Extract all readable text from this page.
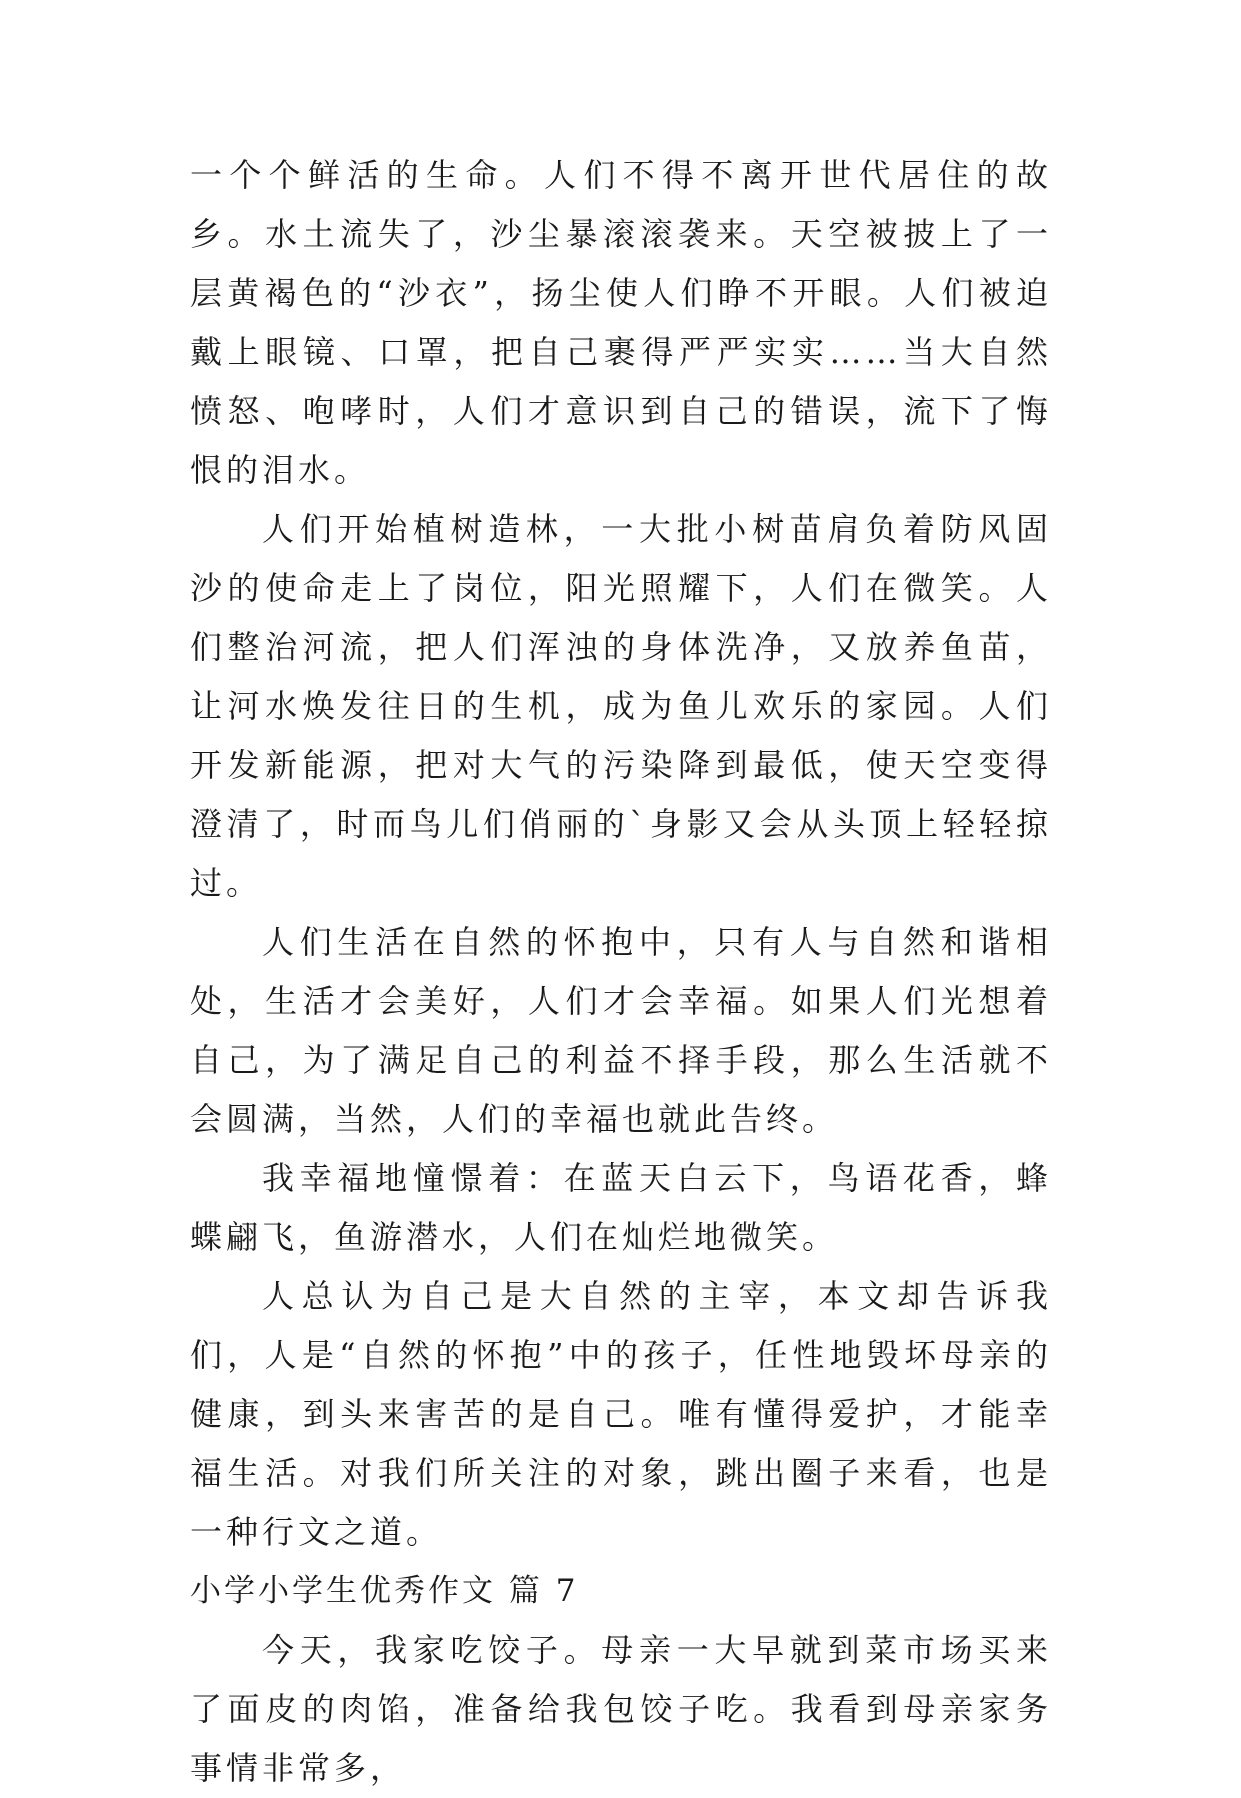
一个个鲜活的生命。人们不得不离开世代居住的故乡。水土流失了，沙尘暴滚滚袭来。天空被披上了一层黄褐色的“沙衣”，扬尘使人们睁不开眼。人们被迫戴上眼镜、口罩，把自己裹得严严实实……当大自然愤怒、咆哮时，人们才意识到自己的错误，流下了悔恨的泪水。

人们开始植树造林，一大批小树苗肩负着防风固沙的使命走上了岗位，阳光照耀下，人们在微笑。人们整治河流，把人们浑浊的身体洗净，又放养鱼苗，让河水焕发往日的生机，成为鱼儿欢乐的家园。人们开发新能源，把对大气的污染降到最低，使天空变得澄清了，时而鸟儿们俏丽的`身影又会从头顶上轻轻掠过。

人们生活在自然的怀抱中，只有人与自然和谐相处，生活才会美好，人们才会幸福。如果人们光想着自己，为了满足自己的利益不择手段，那么生活就不会圆满，当然，人们的幸福也就此告终。

我幸福地憧憬着：在蓝天白云下，鸟语花香，蜂蝶翩飞，鱼游潜水，人们在灿烂地微笑。

人总认为自己是大自然的主宰，本文却告诉我们，人是“自然的怀抱”中的孩子，任性地毁坏母亲的健康，到头来害苦的是自己。唯有懂得爱护，才能幸福生活。对我们所关注的对象，跳出圈子来看，也是一种行文之道。

小学小学生优秀作文 篇 7

今天，我家吃饺子。母亲一大早就到菜市场买来了面皮的肉馅，准备给我包饺子吃。我看到母亲家务事情非常多，
